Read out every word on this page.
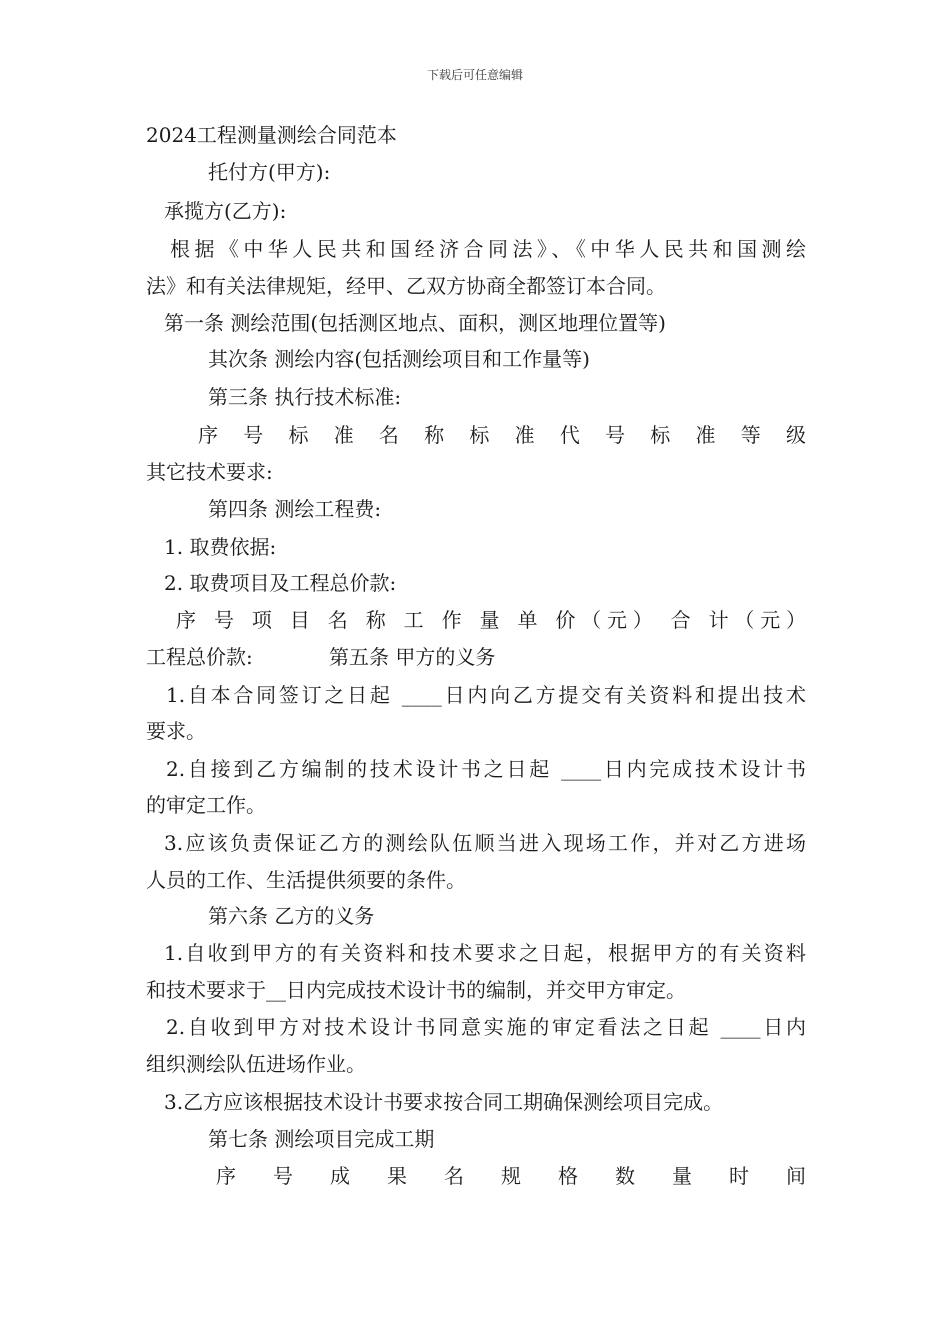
下载后可任意编辑
2024工程测量测绘合同范本
托付方(甲方):
承揽方(乙方):
根据《中华人民共和国经济合同法》、《中华人民共和国测绘
法》和有关法律规矩，经甲、乙双方协商全都签订本合同。
第一条 测绘范围(包括测区地点、面积，测区地理位置等)
其次条 测绘内容(包括测绘项目和工作量等)
第三条 执行技术标准:
序 号 标 准 名 称 标 准 代 号 标 准 等 级
其它技术要求:
第四条 测绘工程费:
1. 取费依据:
2. 取费项目及工程总价款:
序 号 项 目 名 称 工 作 量 单 价（元） 合 计（元）
工程总价款:            第五条 甲方的义务
1.自本合同签订之日起 ____日内向乙方提交有关资料和提出技术
要求。
2.自接到乙方编制的技术设计书之日起 ____日内完成技术设计书
的审定工作。
3.应该负责保证乙方的测绘队伍顺当进入现场工作，并对乙方进场
人员的工作、生活提供须要的条件。
第六条 乙方的义务
1.自收到甲方的有关资料和技术要求之日起，根据甲方的有关资料
和技术要求于__日内完成技术设计书的编制，并交甲方审定。
2.自收到甲方对技术设计书同意实施的审定看法之日起 ____日内
组织测绘队伍进场作业。
3.乙方应该根据技术设计书要求按合同工期确保测绘项目完成。
第七条 测绘项目完成工期
序 号 成 果 名 规 格 数 量 时 间
